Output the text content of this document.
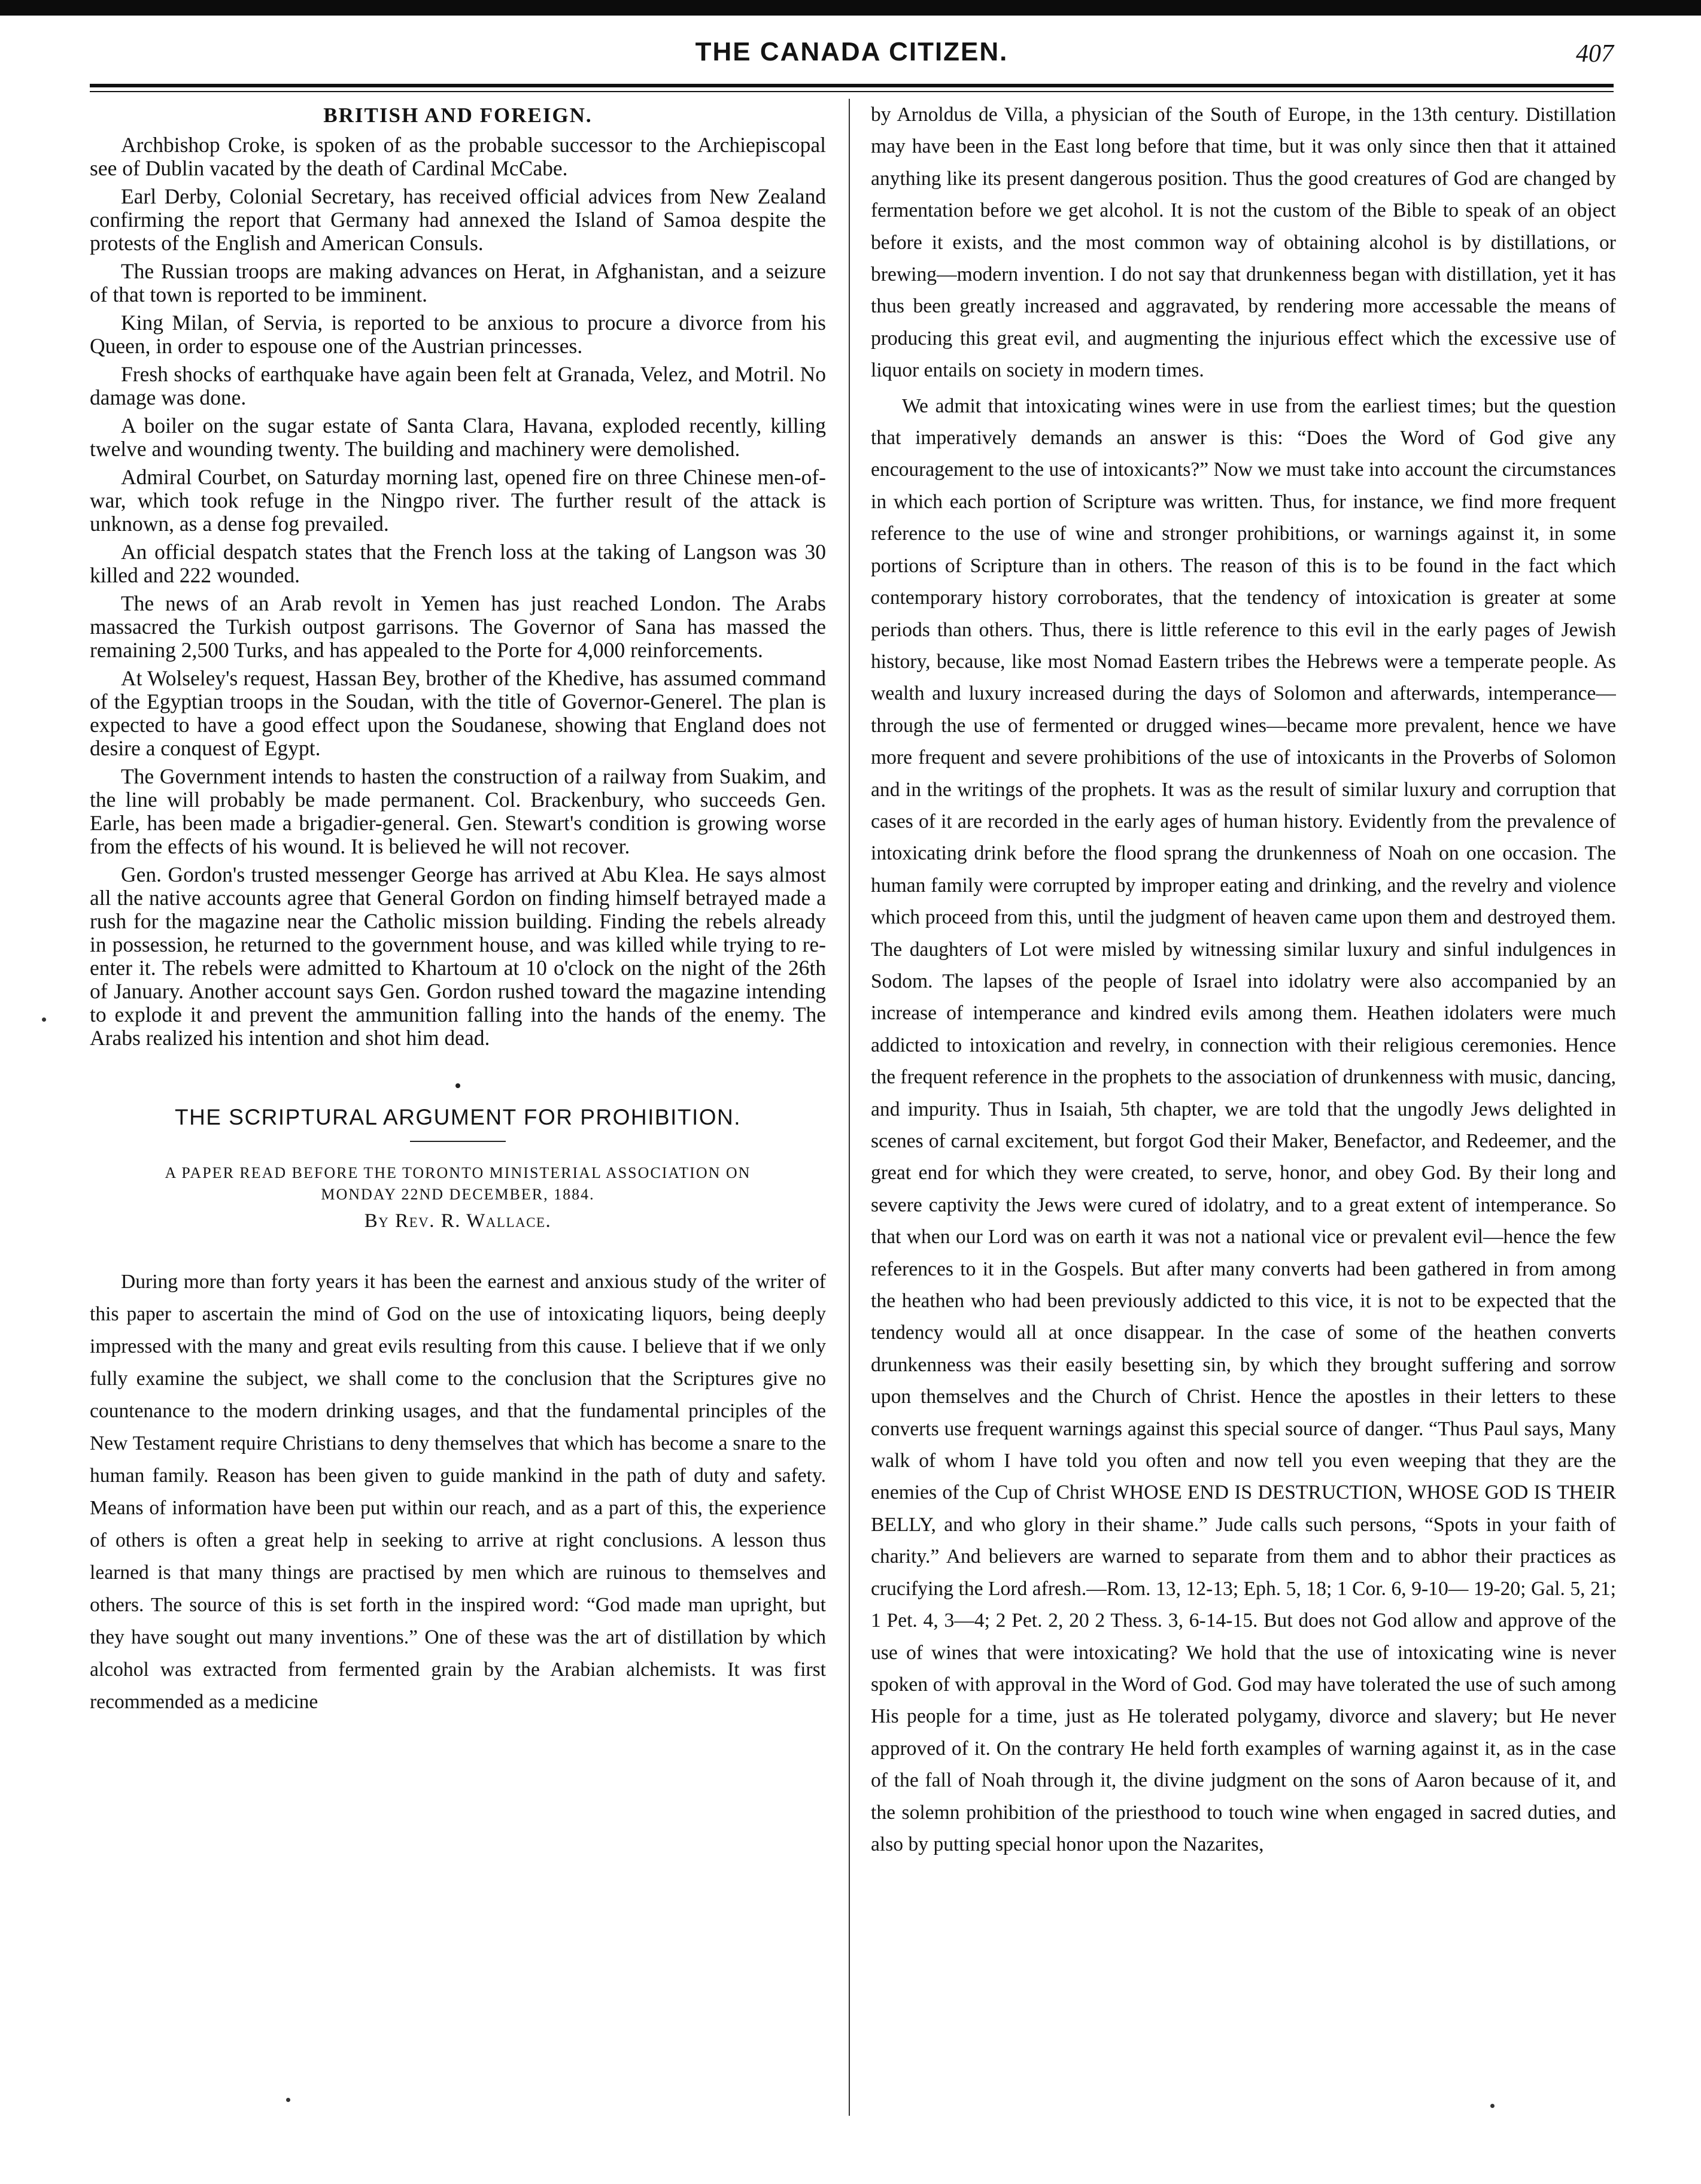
THE CANADA CITIZEN.	407
BRITISH AND FOREIGN.

Archbishop Croke, is spoken of as the probable successor to the Archiepiscopal see of Dublin vacated by the death of Cardinal McCabe.

Earl Derby, Colonial Secretary, has received official advices from New Zealand confirming the report that Germany had annexed the Island of Samoa despite the protests of the English and American Consuls.

The Russian troops are making advances on Herat, in Afghanistan, and a seizure of that town is reported to be imminent.

King Milan, of Servia, is reported to be anxious to procure a divorce from his Queen, in order to espouse one of the Austrian princesses.

Fresh shocks of earthquake have again been felt at Granada, Velez, and Motril. No damage was done.

A boiler on the sugar estate of Santa Clara, Havana, exploded recently, killing twelve and wounding twenty. The building and machinery were demolished.

Admiral Courbet, on Saturday morning last, opened fire on three Chinese men-of-war, which took refuge in the Ningpo river. The further result of the attack is unknown, as a dense fog prevailed.

An official despatch states that the French loss at the taking of Langson was 30 killed and 222 wounded.

The news of an Arab revolt in Yemen has just reached London. The Arabs massacred the Turkish outpost garrisons. The Governor of Sana has massed the remaining 2,500 Turks, and has appealed to the Porte for 4,000 reinforcements.

At Wolseley's request, Hassan Bey, brother of the Khedive, has assumed command of the Egyptian troops in the Soudan, with the title of Governor-Generel. The plan is expected to have a good effect upon the Soudanese, showing that England does not desire a conquest of Egypt.

The Government intends to hasten the construction of a railway from Suakim, and the line will probably be made permanent. Col. Brackenbury, who succeeds Gen. Earle, has been made a brigadier-general. Gen. Stewart's condition is growing worse from the effects of his wound. It is believed he will not recover.

Gen. Gordon's trusted messenger George has arrived at Abu Klea. He says almost all the native accounts agree that General Gordon on finding himself betrayed made a rush for the magazine near the Catholic mission building. Finding the rebels already in possession, he returned to the government house, and was killed while trying to re-enter it. The rebels were admitted to Khartoum at 10 o'clock on the night of the 26th of January. Another account says Gen. Gordon rushed toward the magazine intending to explode it and prevent the ammunition falling into the hands of the enemy. The Arabs realized his intention and shot him dead.

THE SCRIPTURAL ARGUMENT FOR PROHIBITION.
A PAPER READ BEFORE THE TORONTO MINISTERIAL ASSOCIATION ON
MONDAY 22ND DECEMBER, 1884.
By Rev. R. Wallace.

During more than forty years it has been the earnest and anxious study of the writer of this paper to ascertain the mind of God on the use of intoxicating liquors, being deeply impressed with the many and great evils resulting from this cause. I believe that if we only fully examine the subject, we shall come to the conclusion that the Scriptures give no countenance to the modern drinking usages, and that the fundamental principles of the New Testament require Christians to deny themselves that which has become a snare to the human family. Reason has been given to guide mankind in the path of duty and safety. Means of information have been put within our reach, and as a part of this, the experience of others is often a great help in seeking to arrive at right conclusions. A lesson thus learned is that many things are practised by men which are ruinous to themselves and others. The source of this is set forth in the inspired word: “God made man upright, but they have sought out many inventions.” One of these was the art of distillation by which alcohol was extracted from fermented grain by the Arabian alchemists. It was first recommended as a medicine

by Arnoldus de Villa, a physician of the South of Europe, in the 13th century. Distillation may have been in the East long before that time, but it was only since then that it attained anything like its present dangerous position. Thus the good creatures of God are changed by fermentation before we get alcohol. It is not the custom of the Bible to speak of an object before it exists, and the most common way of obtaining alcohol is by distillations, or brewing—modern invention. I do not say that drunkenness began with distillation, yet it has thus been greatly increased and aggravated, by rendering more accessable the means of producing this great evil, and augmenting the injurious effect which the excessive use of liquor entails on society in modern times.

We admit that intoxicating wines were in use from the earliest times; but the question that imperatively demands an answer is this: “Does the Word of God give any encouragement to the use of intoxicants?” Now we must take into account the circumstances in which each portion of Scripture was written. Thus, for instance, we find more frequent reference to the use of wine and stronger prohibitions, or warnings against it, in some portions of Scripture than in others. The reason of this is to be found in the fact which contemporary history corroborates, that the tendency of intoxication is greater at some periods than others. Thus, there is little reference to this evil in the early pages of Jewish history, because, like most Nomad Eastern tribes the Hebrews were a temperate people. As wealth and luxury increased during the days of Solomon and afterwards, intemperance—through the use of fermented or drugged wines—became more prevalent, hence we have more frequent and severe prohibitions of the use of intoxicants in the Proverbs of Solomon and in the writings of the prophets. It was as the result of similar luxury and corruption that cases of it are recorded in the early ages of human history. Evidently from the prevalence of intoxicating drink before the flood sprang the drunkenness of Noah on one occasion. The human family were corrupted by improper eating and drinking, and the revelry and violence which proceed from this, until the judgment of heaven came upon them and destroyed them. The daughters of Lot were misled by witnessing similar luxury and sinful indulgences in Sodom. The lapses of the people of Israel into idolatry were also accompanied by an increase of intemperance and kindred evils among them. Heathen idolaters were much addicted to intoxication and revelry, in connection with their religious ceremonies. Hence the frequent reference in the prophets to the association of drunkenness with music, dancing, and impurity. Thus in Isaiah, 5th chapter, we are told that the ungodly Jews delighted in scenes of carnal excitement, but forgot God their Maker, Benefactor, and Redeemer, and the great end for which they were created, to serve, honor, and obey God. By their long and severe captivity the Jews were cured of idolatry, and to a great extent of intemperance. So that when our Lord was on earth it was not a national vice or prevalent evil—hence the few references to it in the Gospels. But after many converts had been gathered in from among the heathen who had been previously addicted to this vice, it is not to be expected that the tendency would all at once disappear. In the case of some of the heathen converts drunkenness was their easily besetting sin, by which they brought suffering and sorrow upon themselves and the Church of Christ. Hence the apostles in their letters to these converts use frequent warnings against this special source of danger. “Thus Paul says, Many walk of whom I have told you often and now tell you even weeping that they are the enemies of the Cup of Christ WHOSE END IS DESTRUCTION, WHOSE GOD IS THEIR BELLY, and who glory in their shame.” Jude calls such persons, “Spots in your faith of charity.” And believers are warned to separate from them and to abhor their practices as crucifying the Lord afresh.—Rom. 13, 12-13; Eph. 5, 18; 1 Cor. 6, 9-10— 19-20; Gal. 5, 21; 1 Pet. 4, 3—4; 2 Pet. 2, 20 2 Thess. 3, 6-14-15. But does not God allow and approve of the use of wines that were intoxicating? We hold that the use of intoxicating wine is never spoken of with approval in the Word of God. God may have tolerated the use of such among His people for a time, just as He tolerated polygamy, divorce and slavery; but He never approved of it. On the contrary He held forth examples of warning against it, as in the case of the fall of Noah through it, the divine judgment on the sons of Aaron because of it, and the solemn prohibition of the priesthood to touch wine when engaged in sacred duties, and also by putting special honor upon the Nazarites,
